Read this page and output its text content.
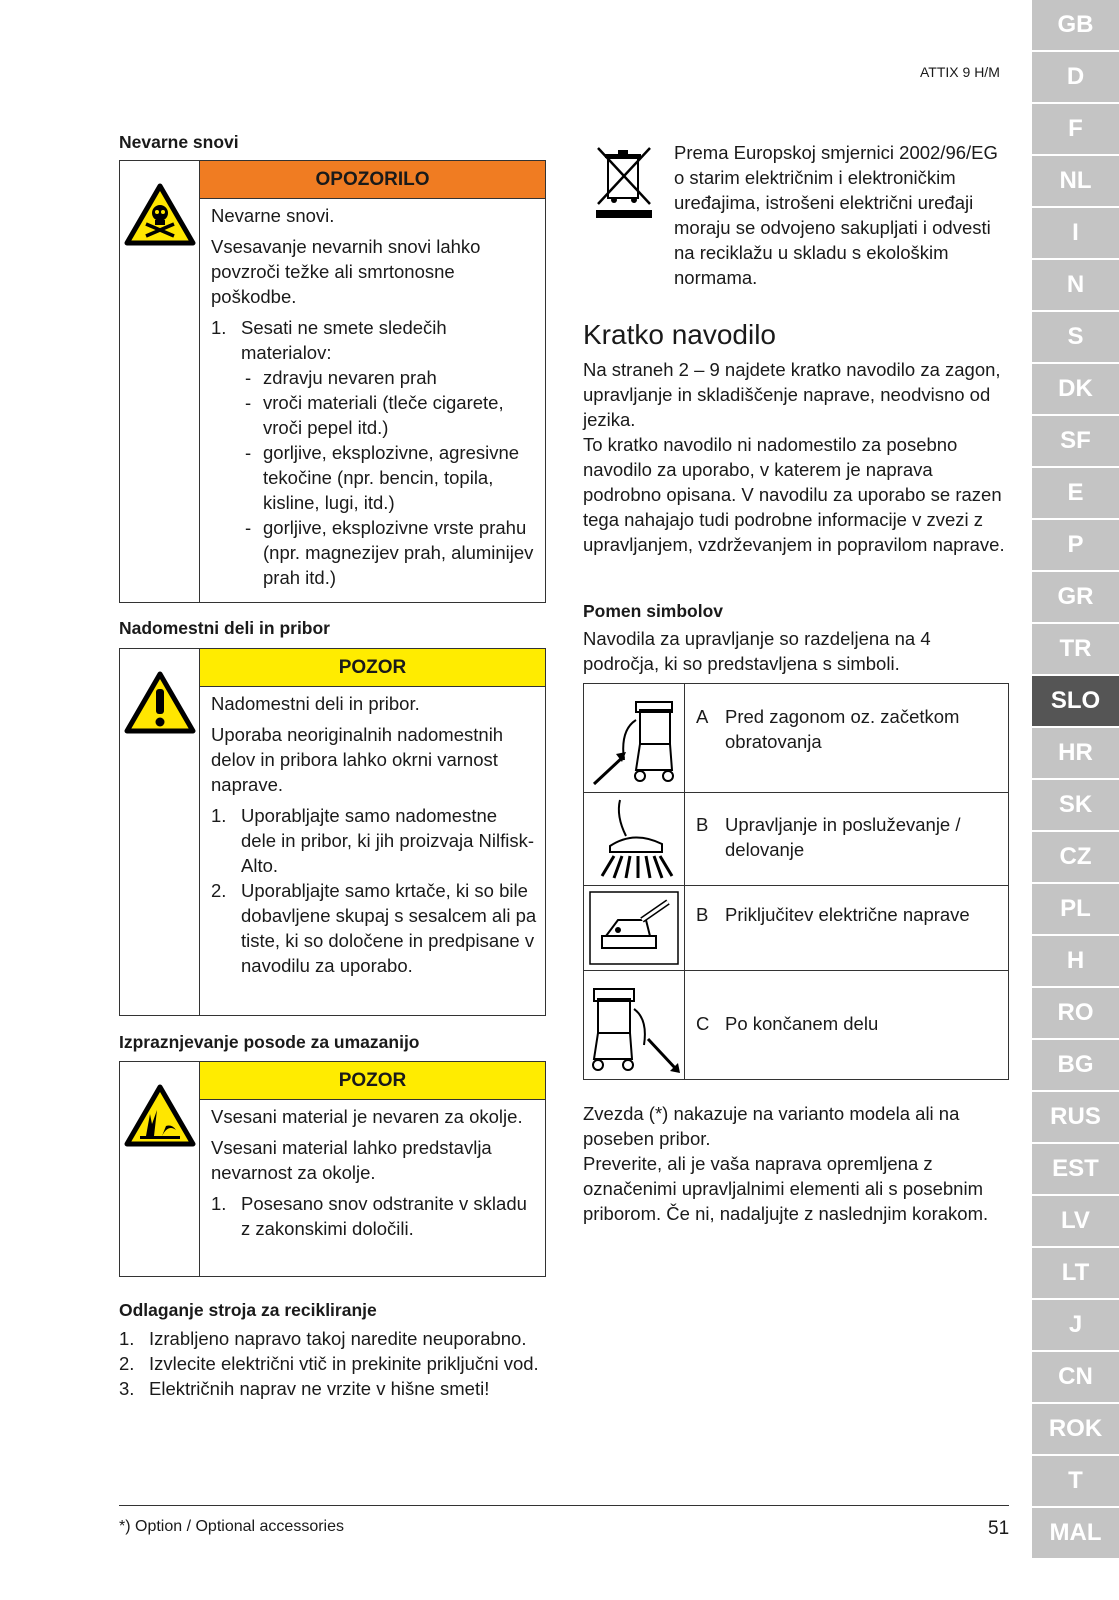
ATTIX 9 H/M
Nevarne snovi
OPOZORILO

Nevarne snovi.

Vsesavanje nevarnih snovi lahko povzroči težke ali smrtonosne poškodbe.

1. Sesati ne smete sledečih materialov:
- zdravju nevaren prah
- vroči materiali (tleče cigarete, vroči pepel itd.)
- gorljive, eksplozivne, agresivne tekočine (npr. bencin, topila, kisline, lugi, itd.)
- gorljive, eksplozivne vrste prahu (npr. magnezijev prah, aluminijev prah itd.)
Nadomestni deli in pribor
POZOR

Nadomestni deli in pribor.

Uporaba neoriginalnih nadomestnih delov in pribora lahko okrni varnost naprave.

1. Uporabljajte samo nadomestne dele in pribor, ki jih proizvaja Nilfisk-Alto.
2. Uporabljajte samo krtače, ki so bile dobavljene skupaj s sesalcem ali pa tiste, ki so določene in predpisane v navodilu za uporabo.
Izpraznjevanje posode za umazanijo
POZOR

Vsesani material je nevaren za okolje.

Vsesani material lahko predstavlja nevarnost za okolje.

1. Posesano snov odstranite v skladu z zakonskimi določili.
Odlaganje stroja za recikliranje
1. Izrabljeno napravo takoj naredite neuporabno.
2. Izvlecite električni vtič in prekinite priključni vod.
3. Električnih naprav ne vrzite v hišne smeti!
Prema Europskoj smjernici 2002/96/EG o starim električnim i elektroničkim uređajima, istrošeni električni uređaji moraju se odvojeno sakupljati i odvesti na reciklažu u skladu s ekološkim normama.
Kratko navodilo
Na straneh 2 – 9 najdete kratko navodilo za zagon, upravljanje in skladiščenje naprave, neodvisno od jezika.
To kratko navodilo ni nadomestilo za posebno navodilo za uporabo, v katerem je naprava podrobno opisana. V navodilu za uporabo se razen tega nahajajo tudi podrobne informacije v zvezi z upravljanjem, vzdrževanjem in popravilom naprave.
Pomen simbolov
Navodila za upravljanje so razdeljena na 4 področja, ki so predstavljena s simboli.
A Pred zagonom oz. začetkom obratovanja
B Upravljanje in posluževanje / delovanje
B Priključitev električne naprave
C Po končanem delu
Zvezda (*) nakazuje na varianto modela ali na poseben pribor.
Preverite, ali je vaša naprava opremljena z označenimi upravljalnimi elementi ali s posebnim priborom. Če ni, nadaljujte z naslednjim korakom.
*) Option / Optional accessories	51
GB
D
F
NL
I
N
S
DK
SF
E
P
GR
TR
SLO
HR
SK
CZ
PL
H
RO
BG
RUS
EST
LV
LT
J
CN
ROK
T
MAL
